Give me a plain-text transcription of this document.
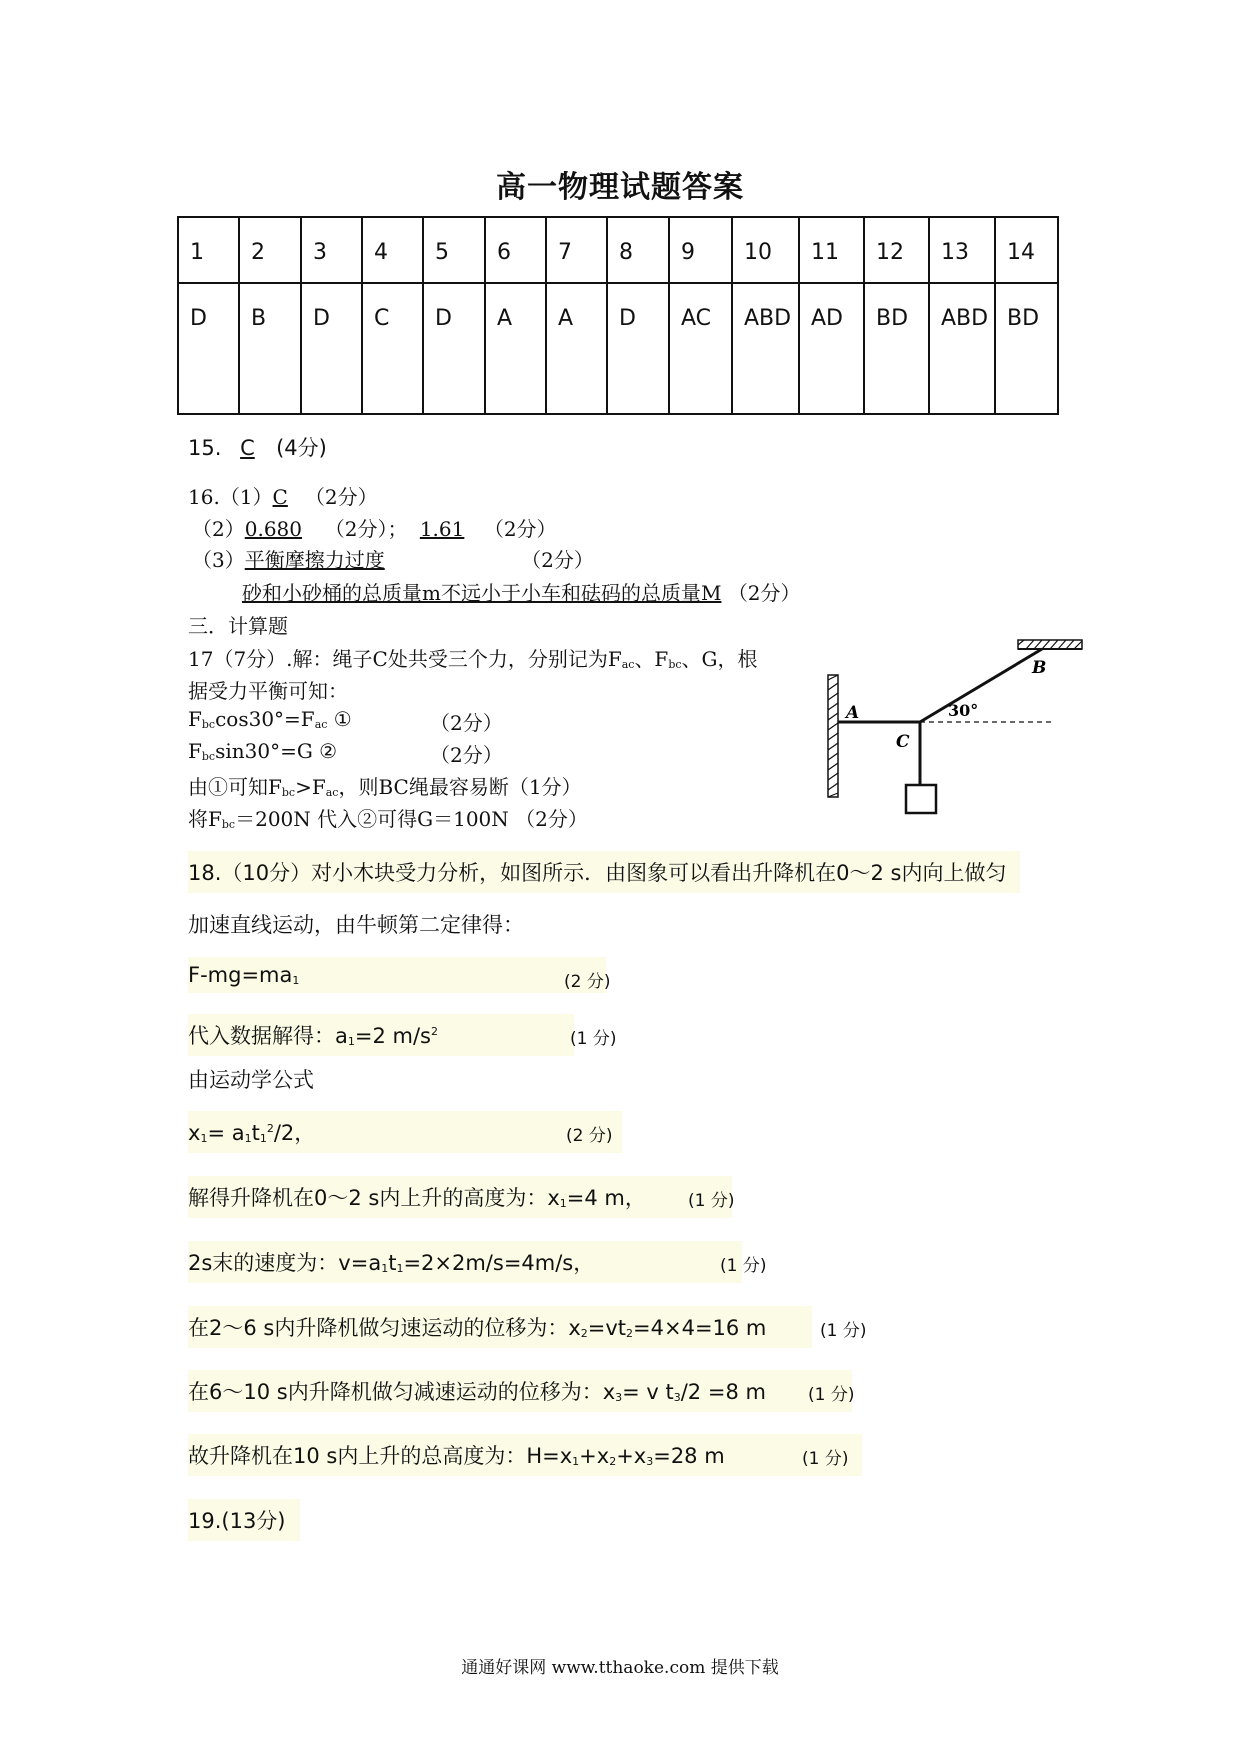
高一物理试题答案
1	2	3	4	5	6	7	8	9	10	11	12	13	14
D	B	D	C	D	A	A	D	AC	ABD	AD	BD	ABD	BD
15. C (4分)
16.（1）C （2分）
（2）0.680 （2分）； 1.61 （2分）
（3）平衡摩擦力过度	（2分）
砂和小砂桶的总质量m不远小于小车和砝码的总质量M （2分）
三．计算题
17（7分）.解：绳子C处共受三个力，分别记为Fac、Fbc、G，根
据受力平衡可知：
Fbccos30°=Fac ①	（2分）
Fbcsin30°=G ②	（2分）
由①可知Fbc>Fac，则BC绳最容易断（1分）
将Fbc＝200N 代入②可得G＝100N （2分）
A
B
C
30°
18.（10分）对小木块受力分析，如图所示．由图象可以看出升降机在0～2 s内向上做匀
加速直线运动，由牛顿第二定律得：
F-mg=ma1	(2 分)
代入数据解得：a1=2 $m/s^2$	(1 分)
由运动学公式
$x1= a1t1^2/2$，	(2 分)
解得升降机在0～2 s内上升的高度为：x1=4 m， (1 分)
2s末的速度为：v=a1t1=2×2m/s=4m/s，	(1 分)
在2～6 s内升降机做匀速运动的位移为：x2=vt2=4×4=16 m	(1 分)
在6～10 s内升降机做匀减速运动的位移为：x3= v t3/2 =8 m (1 分)
故升降机在10 s内上升的总高度为：H=x1+x2+x3=28 m	(1 分)
19.(13分)
通通好课网 www.tthaoke.com 提供下载
